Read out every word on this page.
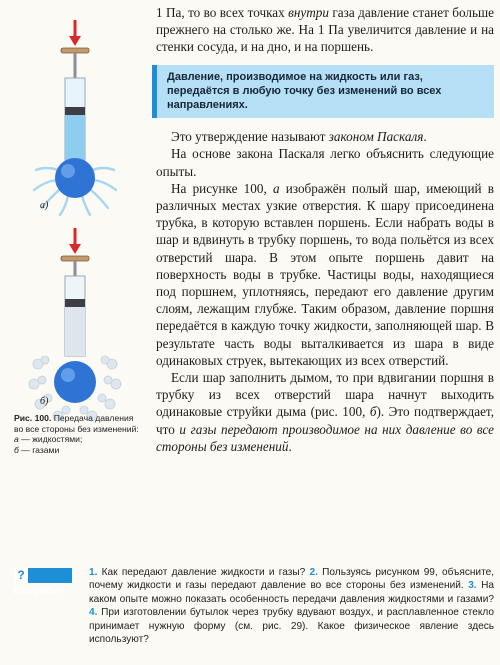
а)
б)
Рис. 100. Передача давления во все стороны без изменений:
а — жидкостями;
б — газами

1 Па, то во всех точках внутри газа давление станет больше прежнего на столько же. На 1 Па увеличится давление и на стенки сосуда, и на дно, и на поршень.

Давление, производимое на жидкость или газ,
передаётся в любую точку без изменений во всех
направлениях.

Это утверждение называют законом Паскаля.

На основе закона Паскаля легко объяснить следующие опыты.

На рисунке 100, а изображён полый шар, имеющий в различных местах узкие отверстия. К шару присоединена трубка, в которую вставлен поршень. Если набрать воды в шар и вдвинуть в трубку поршень, то вода польётся из всех отверстий шара. В этом опыте поршень давит на поверхность воды в трубке. Частицы воды, находящиеся под поршнем, уплотняясь, передают его давление другим слоям, лежащим глубже. Таким образом, давление поршня передаётся в каждую точку жидкости, заполняющей шар. В результате часть воды выталкивается из шара в виде одинаковых струек, вытекающих из всех отверстий.

Если шар заполнить дымом, то при вдвигании поршня в трубку из всех отверстий шара начнут выходить одинаковые струйки дыма (рис. 100, б). Это подтверждает, что и газы передают производимое на них давление во все стороны без изменений.

?Вопросы
1. Как передают давление жидкости и газы? 2. Пользуясь рисунком 99, объясните, почему жидкости и газы передают давление во все стороны без изменений. 3. На каком опыте можно показать особенность передачи давления жидкостями и газами? 4. При изготовлении бутылок через трубку вдувают воздух, и расплавленное стекло принимает нужную форму (см. рис. 29). Какое физическое явление здесь используют?
